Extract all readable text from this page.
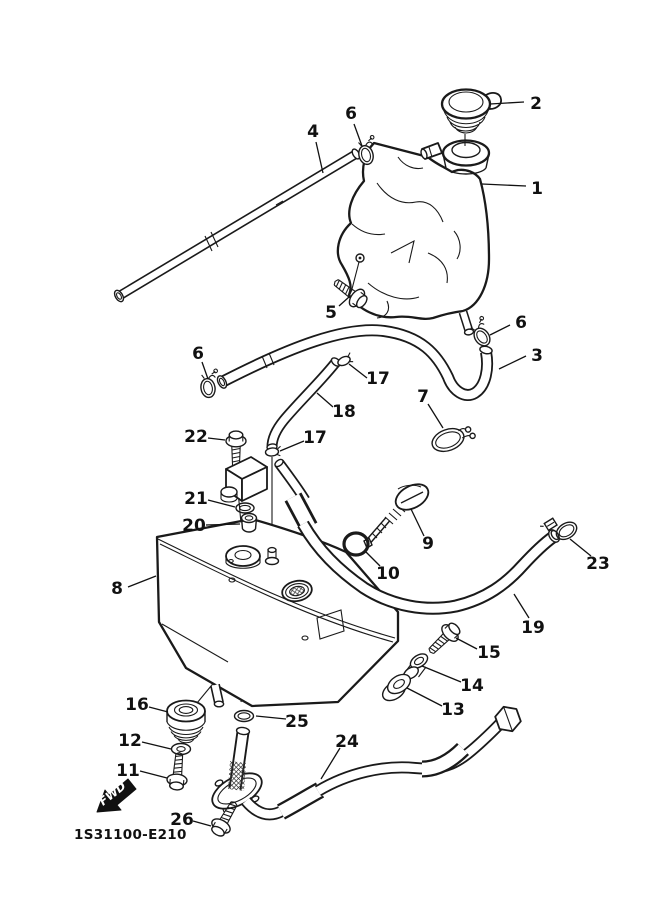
FWD
1S31100-E210
1
2
3
4
5
6
6
6
7
8
9
10
11
12
13
14
15
16
17
17
18
19
20
21
22
23
24
25
26
